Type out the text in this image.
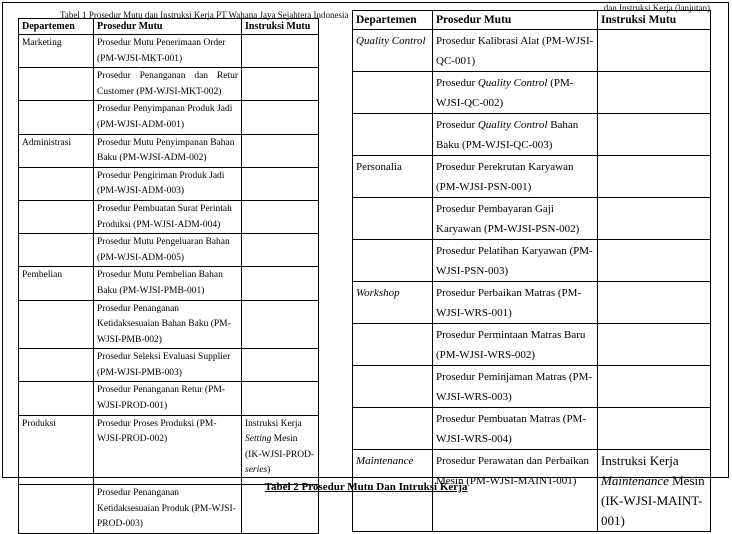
Tabel 1 Prosedur Mutu dan Instruksi Kerja PT Wahana Jaya Sejahtera Indonesia
dan Instruksi Kerja (lanjutan)
Departemen	Prosedur Mutu	Instruksi Mutu
Marketing	Prosedur Mutu Penerimaan Order (PM-WJSI-MKT-001)	
	Prosedur Penanganan dan Retur Customer (PM-WJSI-MKT-002)	
	Prosedur Penyimpanan Produk Jadi (PM-WJSI-ADM-001)	
Administrasi	Prosedur Mutu Penyimpanan Bahan Baku (PM-WJSI-ADM-002)	
	Prosedur Pengiriman Produk Jadi (PM-WJSI-ADM-003)	
	Prosedur Pembuatan Surat Perintah Produksi (PM-WJSI-ADM-004)	
	Prosedur Mutu Pengeluaran Bahan (PM-WJSI-ADM-005)	
Pembelian	Prosedur Mutu Pembelian Bahan Baku (PM-WJSI-PMB-001)	
	Prosedur Penanganan Ketidaksesuaian Bahan Baku (PM-WJSI-PMB-002)	
	Prosedur Seleksi Evaluasi Supplier (PM-WJSI-PMB-003)	
	Prosedur Penanganan Retur (PM-WJSI-PROD-001)	
Produksi	Prosedur Proses Produksi (PM-WJSI-PROD-002)	Instruksi Kerja Setting Mesin (IK-WJSI-PROD-series)
	Prosedur Penanganan Ketidaksesuaian Produk (PM-WJSI-PROD-003)	
Departemen	Prosedur Mutu	Instruksi Mutu
Quality Control	Prosedur Kalibrasi Alat (PM-WJSI-QC-001)	
	Prosedur Quality Control (PM-WJSI-QC-002)	
	Prosedur Quality Control Bahan Baku (PM-WJSI-QC-003)	
Personalia	Prosedur Perekrutan Karyawan (PM-WJSI-PSN-001)	
	Prosedur Pembayaran Gaji Karyawan (PM-WJSI-PSN-002)	
	Prosedur Pelatihan Karyawan (PM-WJSI-PSN-003)	
Workshop	Prosedur Perbaikan Matras (PM-WJSI-WRS-001)	
	Prosedur Permintaan Matras Baru (PM-WJSI-WRS-002)	
	Prosedur Peminjaman Matras (PM-WJSI-WRS-003)	
	Prosedur Pembuatan Matras (PM-WJSI-WRS-004)	
Maintenance	Prosedur Perawatan dan Perbaikan Mesin (PM-WJSI-MAINT-001)	Instruksi Kerja Maintenance Mesin (IK-WJSI-MAINT-001)
Tabel 2 Prosedur Mutu Dan Intruksi Kerja
